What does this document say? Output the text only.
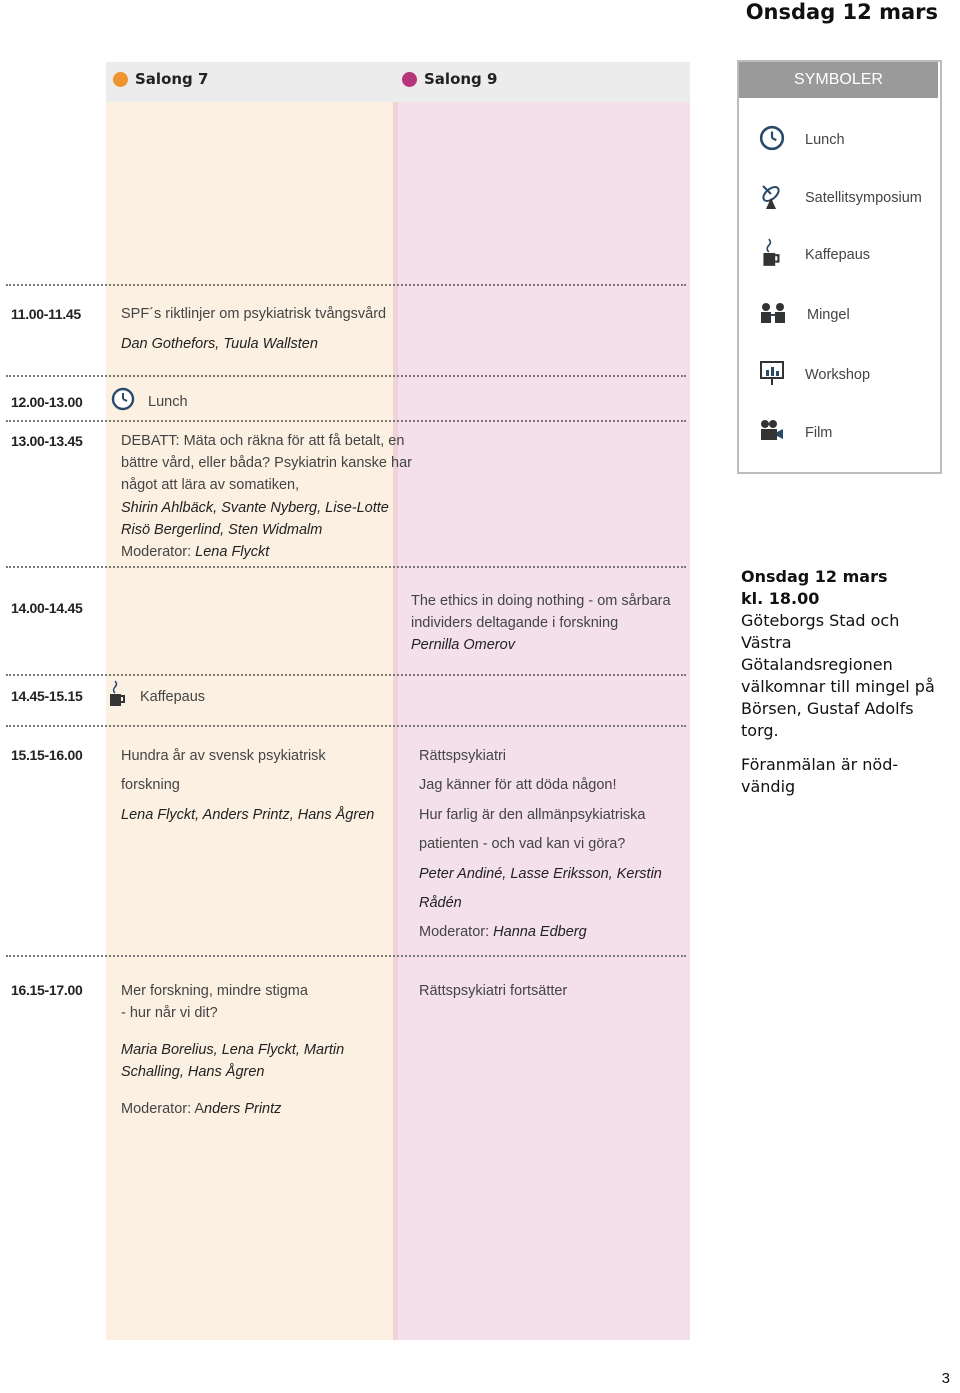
Onsdag 12 mars
Salong 7	Salong 9
11.00-11.45
12.00-13.00
13.00-13.45
14.00-14.45
14.45-15.15
15.15-16.00
16.15-17.00
SPF´s riktlinjer om psykiatrisk tvångsvård
Dan Gothefors, Tuula Wallsten
Lunch
DEBATT: Mäta och räkna för att få betalt, en
bättre vård, eller båda? Psykiatrin kanske har
något att lära av somatiken,
Shirin Ahlbäck, Svante Nyberg, Lise-Lotte
Risö Bergerlind, Sten Widmalm
Moderator: Lena Flyckt
The ethics in doing nothing - om sårbara
individers deltagande i forskning
Pernilla Omerov
Kaffepaus
Hundra år av svensk psykiatrisk
forskning
Lena Flyckt, Anders Printz, Hans Ågren
Rättspsykiatri
Jag känner för att döda någon!
Hur farlig är den allmänpsykiatriska
patienten - och vad kan vi göra?
Peter Andiné, Lasse Eriksson, Kerstin
Rådén
Moderator: Hanna Edberg
Mer forskning, mindre stigma
- hur når vi dit?
Maria Borelius, Lena Flyckt, Martin
Schalling, Hans Ågren
Moderator: Anders Printz
Rättspsykiatri fortsätter
SYMBOLER
Lunch
Satellitsymposium
Kaffepaus
Mingel
Workshop
Film
Onsdag 12 mars
kl. 18.00
Göteborgs Stad och
Västra
Götalandsregionen
välkomnar till mingel på
Börsen, Gustaf Adolfs
torg.
Föranmälan är nöd-
vändig
3
